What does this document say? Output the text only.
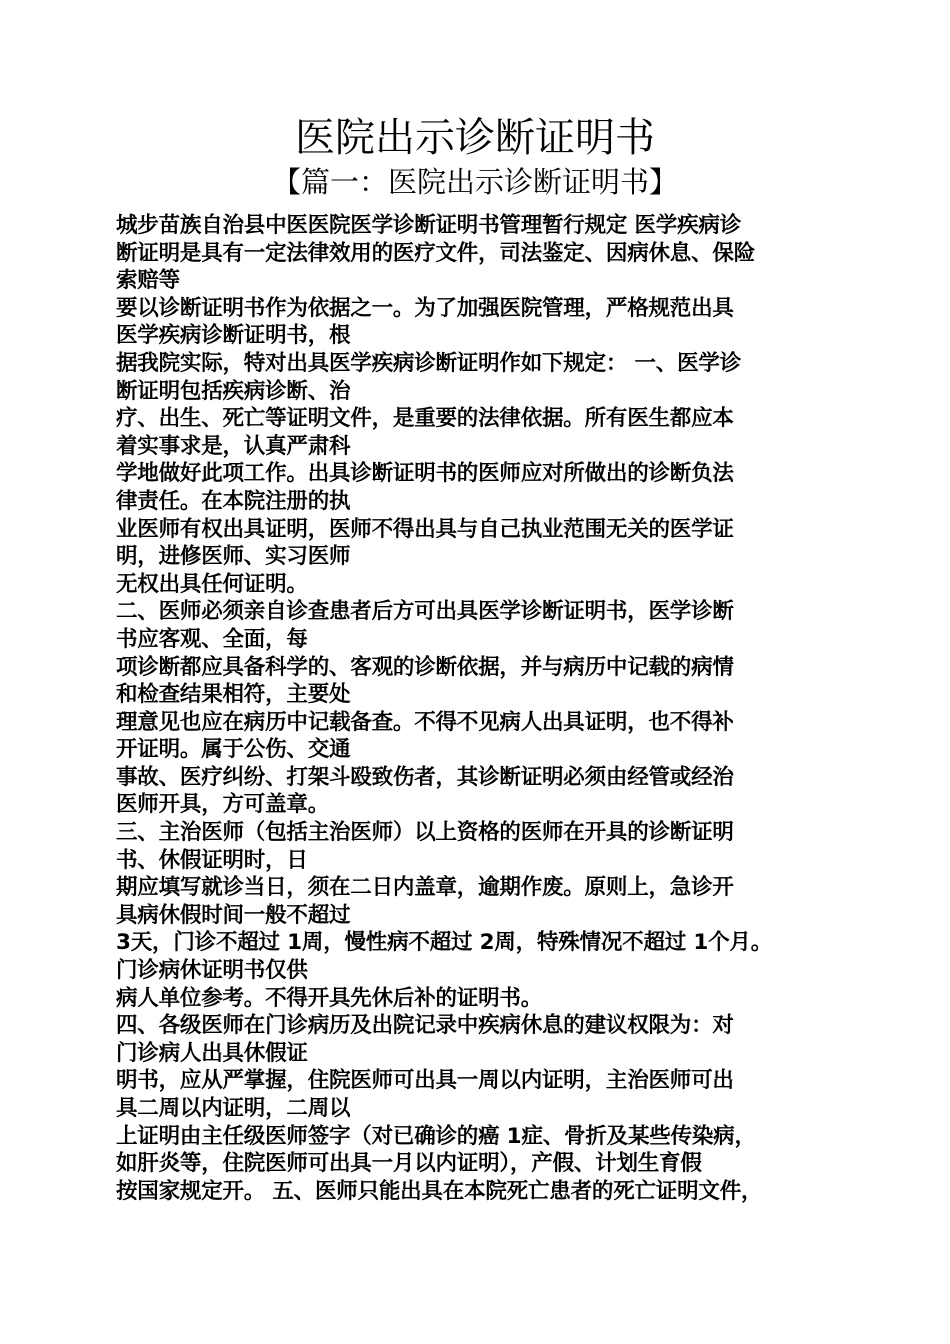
医院出示诊断证明书
【篇一：医院出示诊断证明书】
城步苗族自治县中医医院医学诊断证明书管理暂行规定 医学疾病诊
断证明是具有一定法律效用的医疗文件，司法鉴定、因病休息、保险
索赔等
要以诊断证明书作为依据之一。为了加强医院管理，严格规范出具
医学疾病诊断证明书，根
据我院实际，特对出具医学疾病诊断证明作如下规定： 一、医学诊
断证明包括疾病诊断、治
疗、出生、死亡等证明文件，是重要的法律依据。所有医生都应本
着实事求是，认真严肃科
学地做好此项工作。出具诊断证明书的医师应对所做出的诊断负法
律责任。在本院注册的执
业医师有权出具证明，医师不得出具与自己执业范围无关的医学证
明，进修医师、实习医师
无权出具任何证明。
二、医师必须亲自诊查患者后方可出具医学诊断证明书，医学诊断
书应客观、全面，每
项诊断都应具备科学的、客观的诊断依据，并与病历中记载的病情
和检查结果相符，主要处
理意见也应在病历中记载备查。不得不见病人出具证明，也不得补
开证明。属于公伤、交通
事故、医疗纠纷、打架斗殴致伤者，其诊断证明必须由经管或经治
医师开具，方可盖章。
三、主治医师（包括主治医师）以上资格的医师在开具的诊断证明
书、休假证明时，日
期应填写就诊当日，须在二日内盖章，逾期作废。原则上，急诊开
具病休假时间一般不超过
3天，门诊不超过 1周，慢性病不超过 2周，特殊情况不超过 1个月。
门诊病休证明书仅供
病人单位参考。不得开具先休后补的证明书。
四、各级医师在门诊病历及出院记录中疾病休息的建议权限为：对
门诊病人出具休假证
明书，应从严掌握，住院医师可出具一周以内证明，主治医师可出
具二周以内证明，二周以
上证明由主任级医师签字（对已确诊的癌 1症、骨折及某些传染病，
如肝炎等，住院医师可出具一月以内证明），产假、计划生育假
按国家规定开。 五、医师只能出具在本院死亡患者的死亡证明文件，
